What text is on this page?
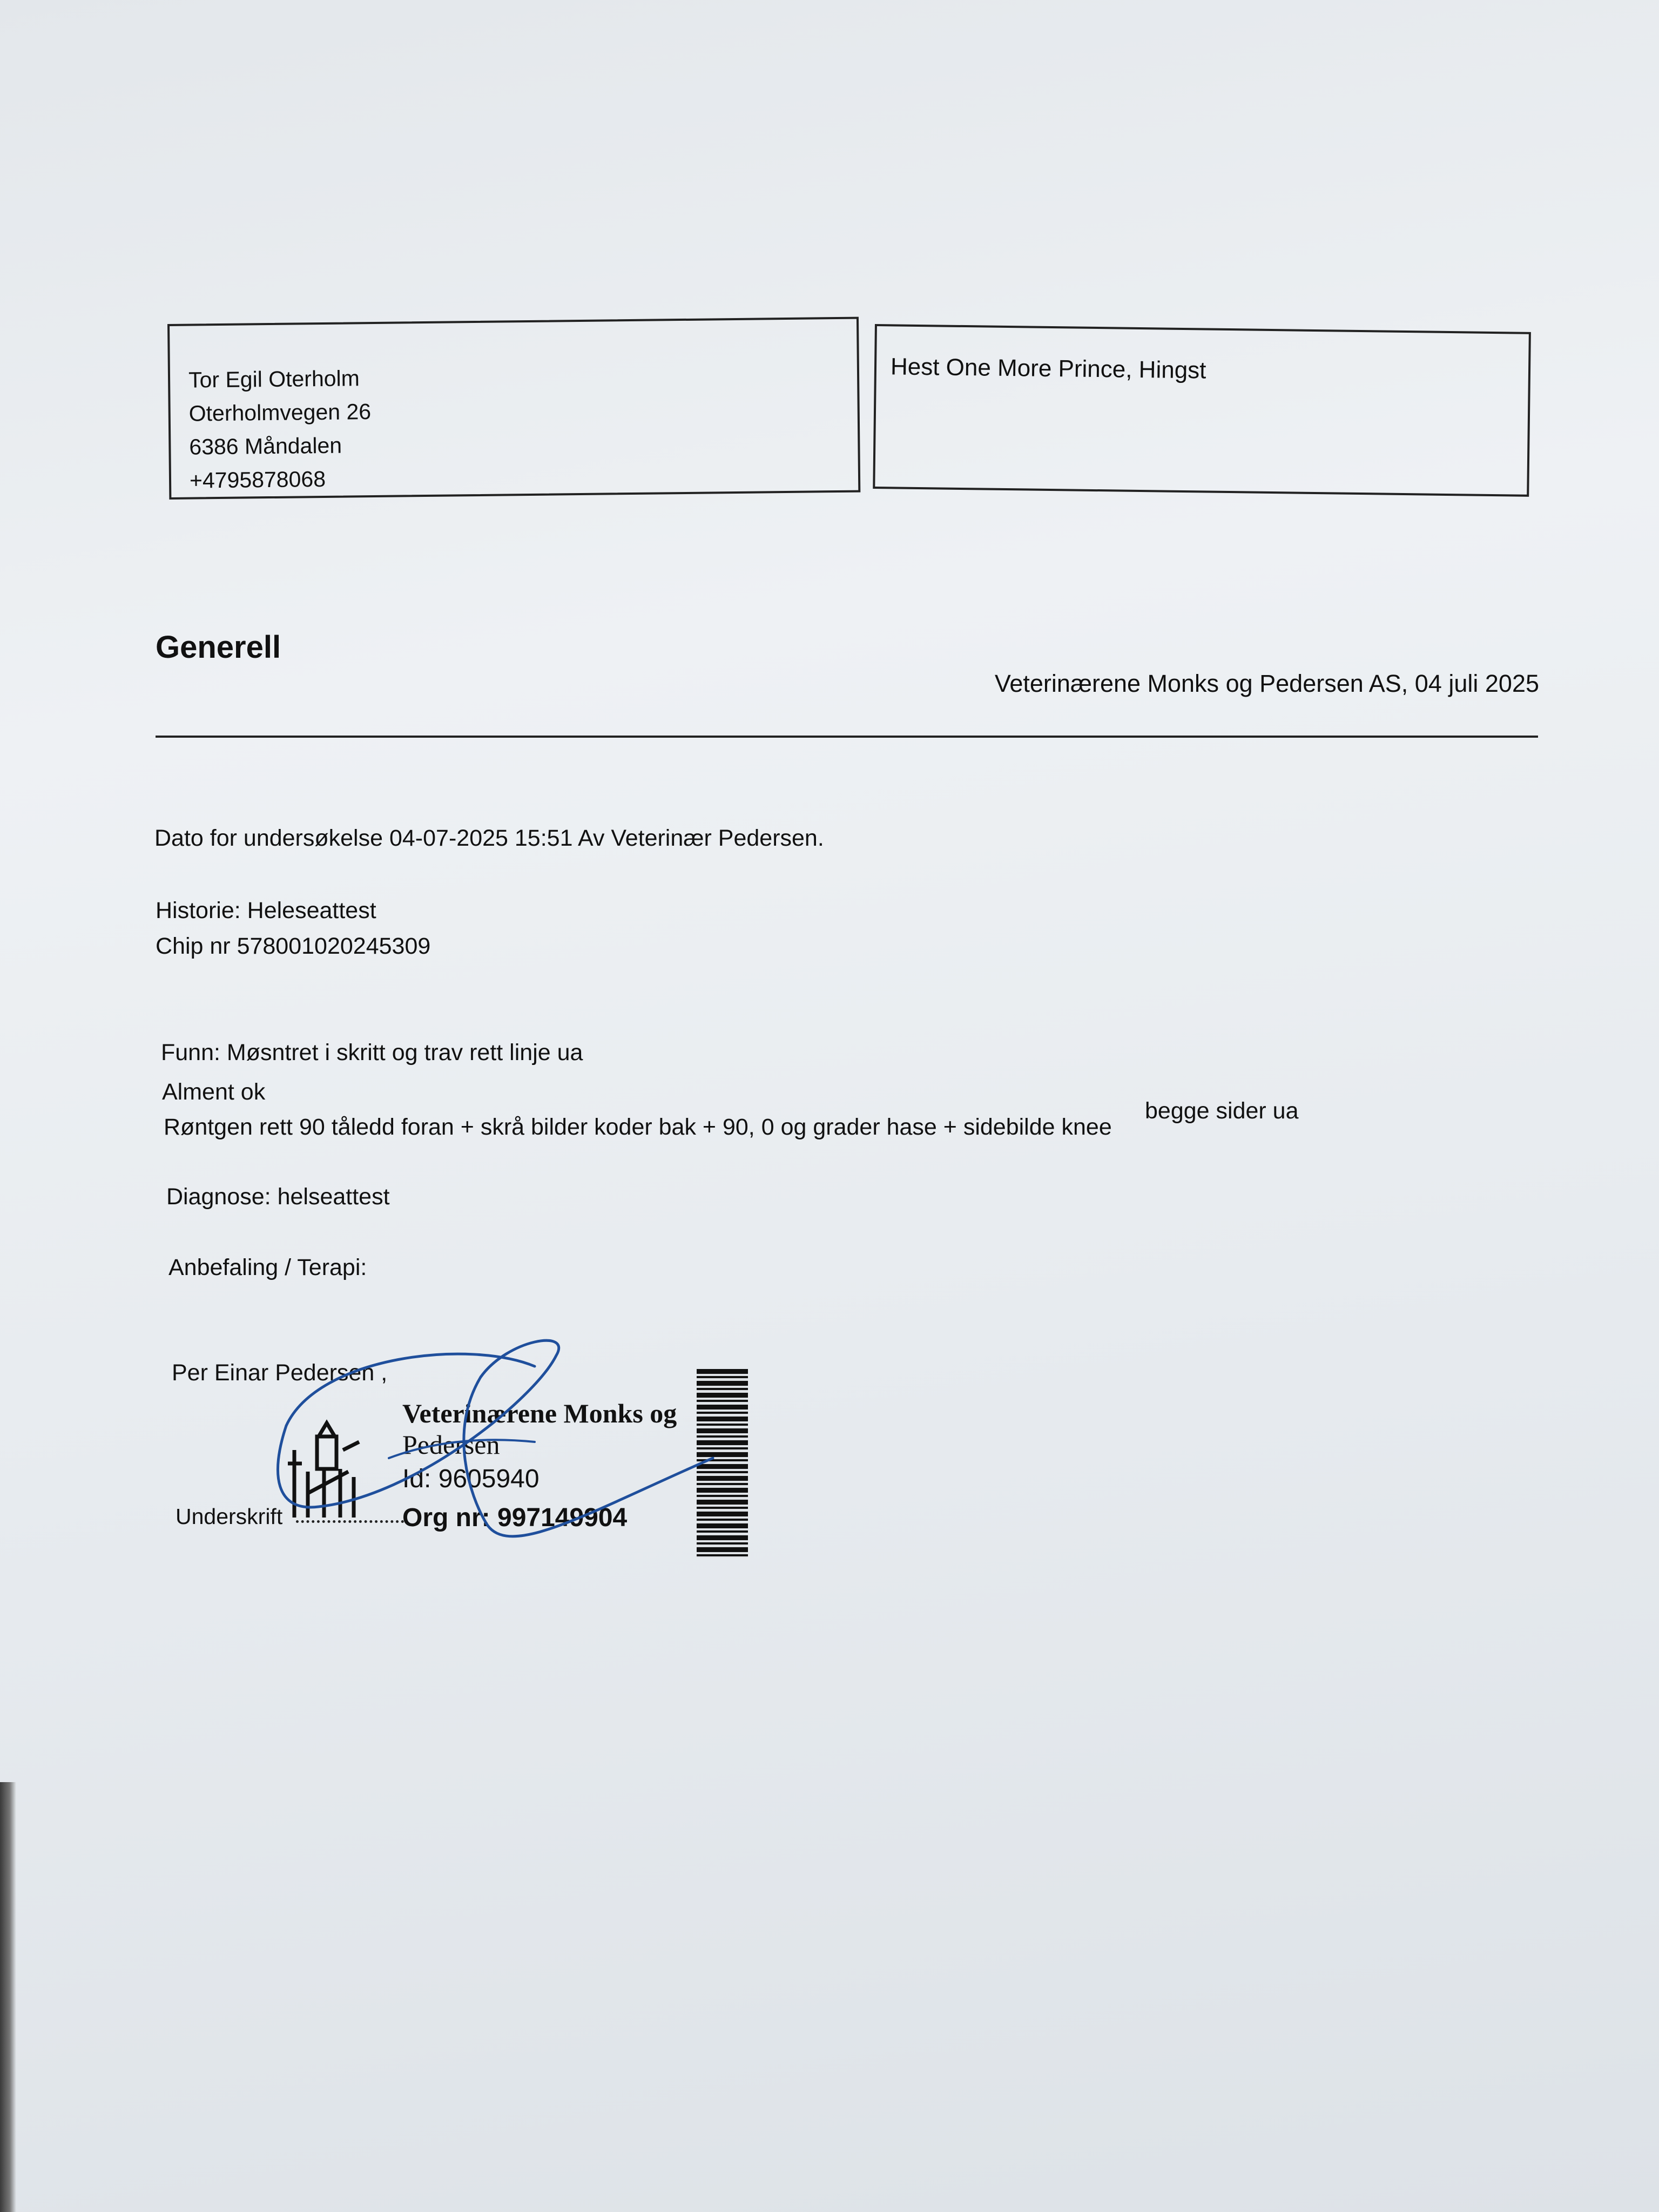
Tor Egil Oterholm
Oterholmvegen 26
6386 Måndalen
+4795878068
Hest One More Prince, Hingst
Generell
Veterinærene Monks og Pedersen AS, 04 juli 2025
Dato for undersøkelse 04-07-2025 15:51 Av Veterinær Pedersen.
Historie: Heleseattest
Chip nr 578001020245309
Funn: Møsntret i skritt og trav rett linje ua
Alment ok
Røntgen rett 90 tåledd foran + skrå bilder koder bak + 90, 0 og grader hase + sidebilde knee
begge sider ua
Diagnose: helseattest
Anbefaling / Terapi:
Per Einar Pedersen ,
Veterinærene Monks og
Pedersen
Id: 9605940
Org nr: 997149904
Underskrift
